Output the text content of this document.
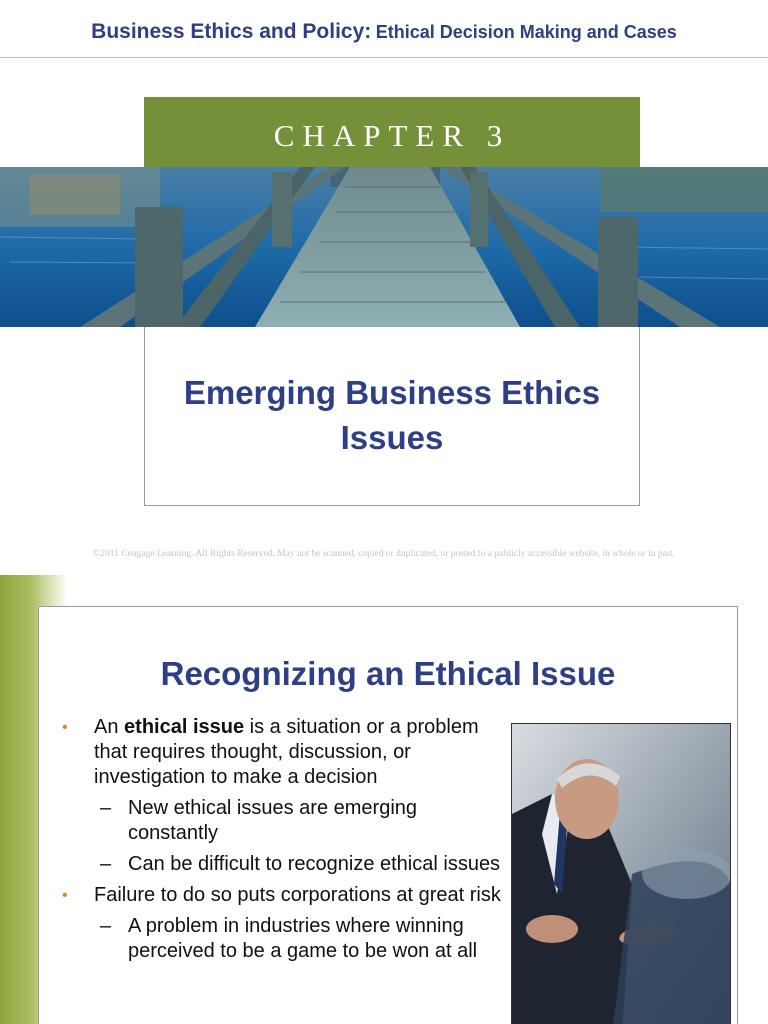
Business Ethics and Policy: Ethical Decision Making and Cases
CHAPTER 3
Emerging Business Ethics
Issues
©2011 Cengage Learning. All Rights Reserved. May not be scanned, copied or duplicated, or posted to a publicly accessible website, in whole or in part.
Recognizing an Ethical Issue
• An ethical issue is a situation or a problem that requires thought, discussion, or investigation to make a decision
– New ethical issues are emerging constantly
– Can be difficult to recognize ethical issues
• Failure to do so puts corporations at great risk
– A problem in industries where winning perceived to be a game to be won at all
